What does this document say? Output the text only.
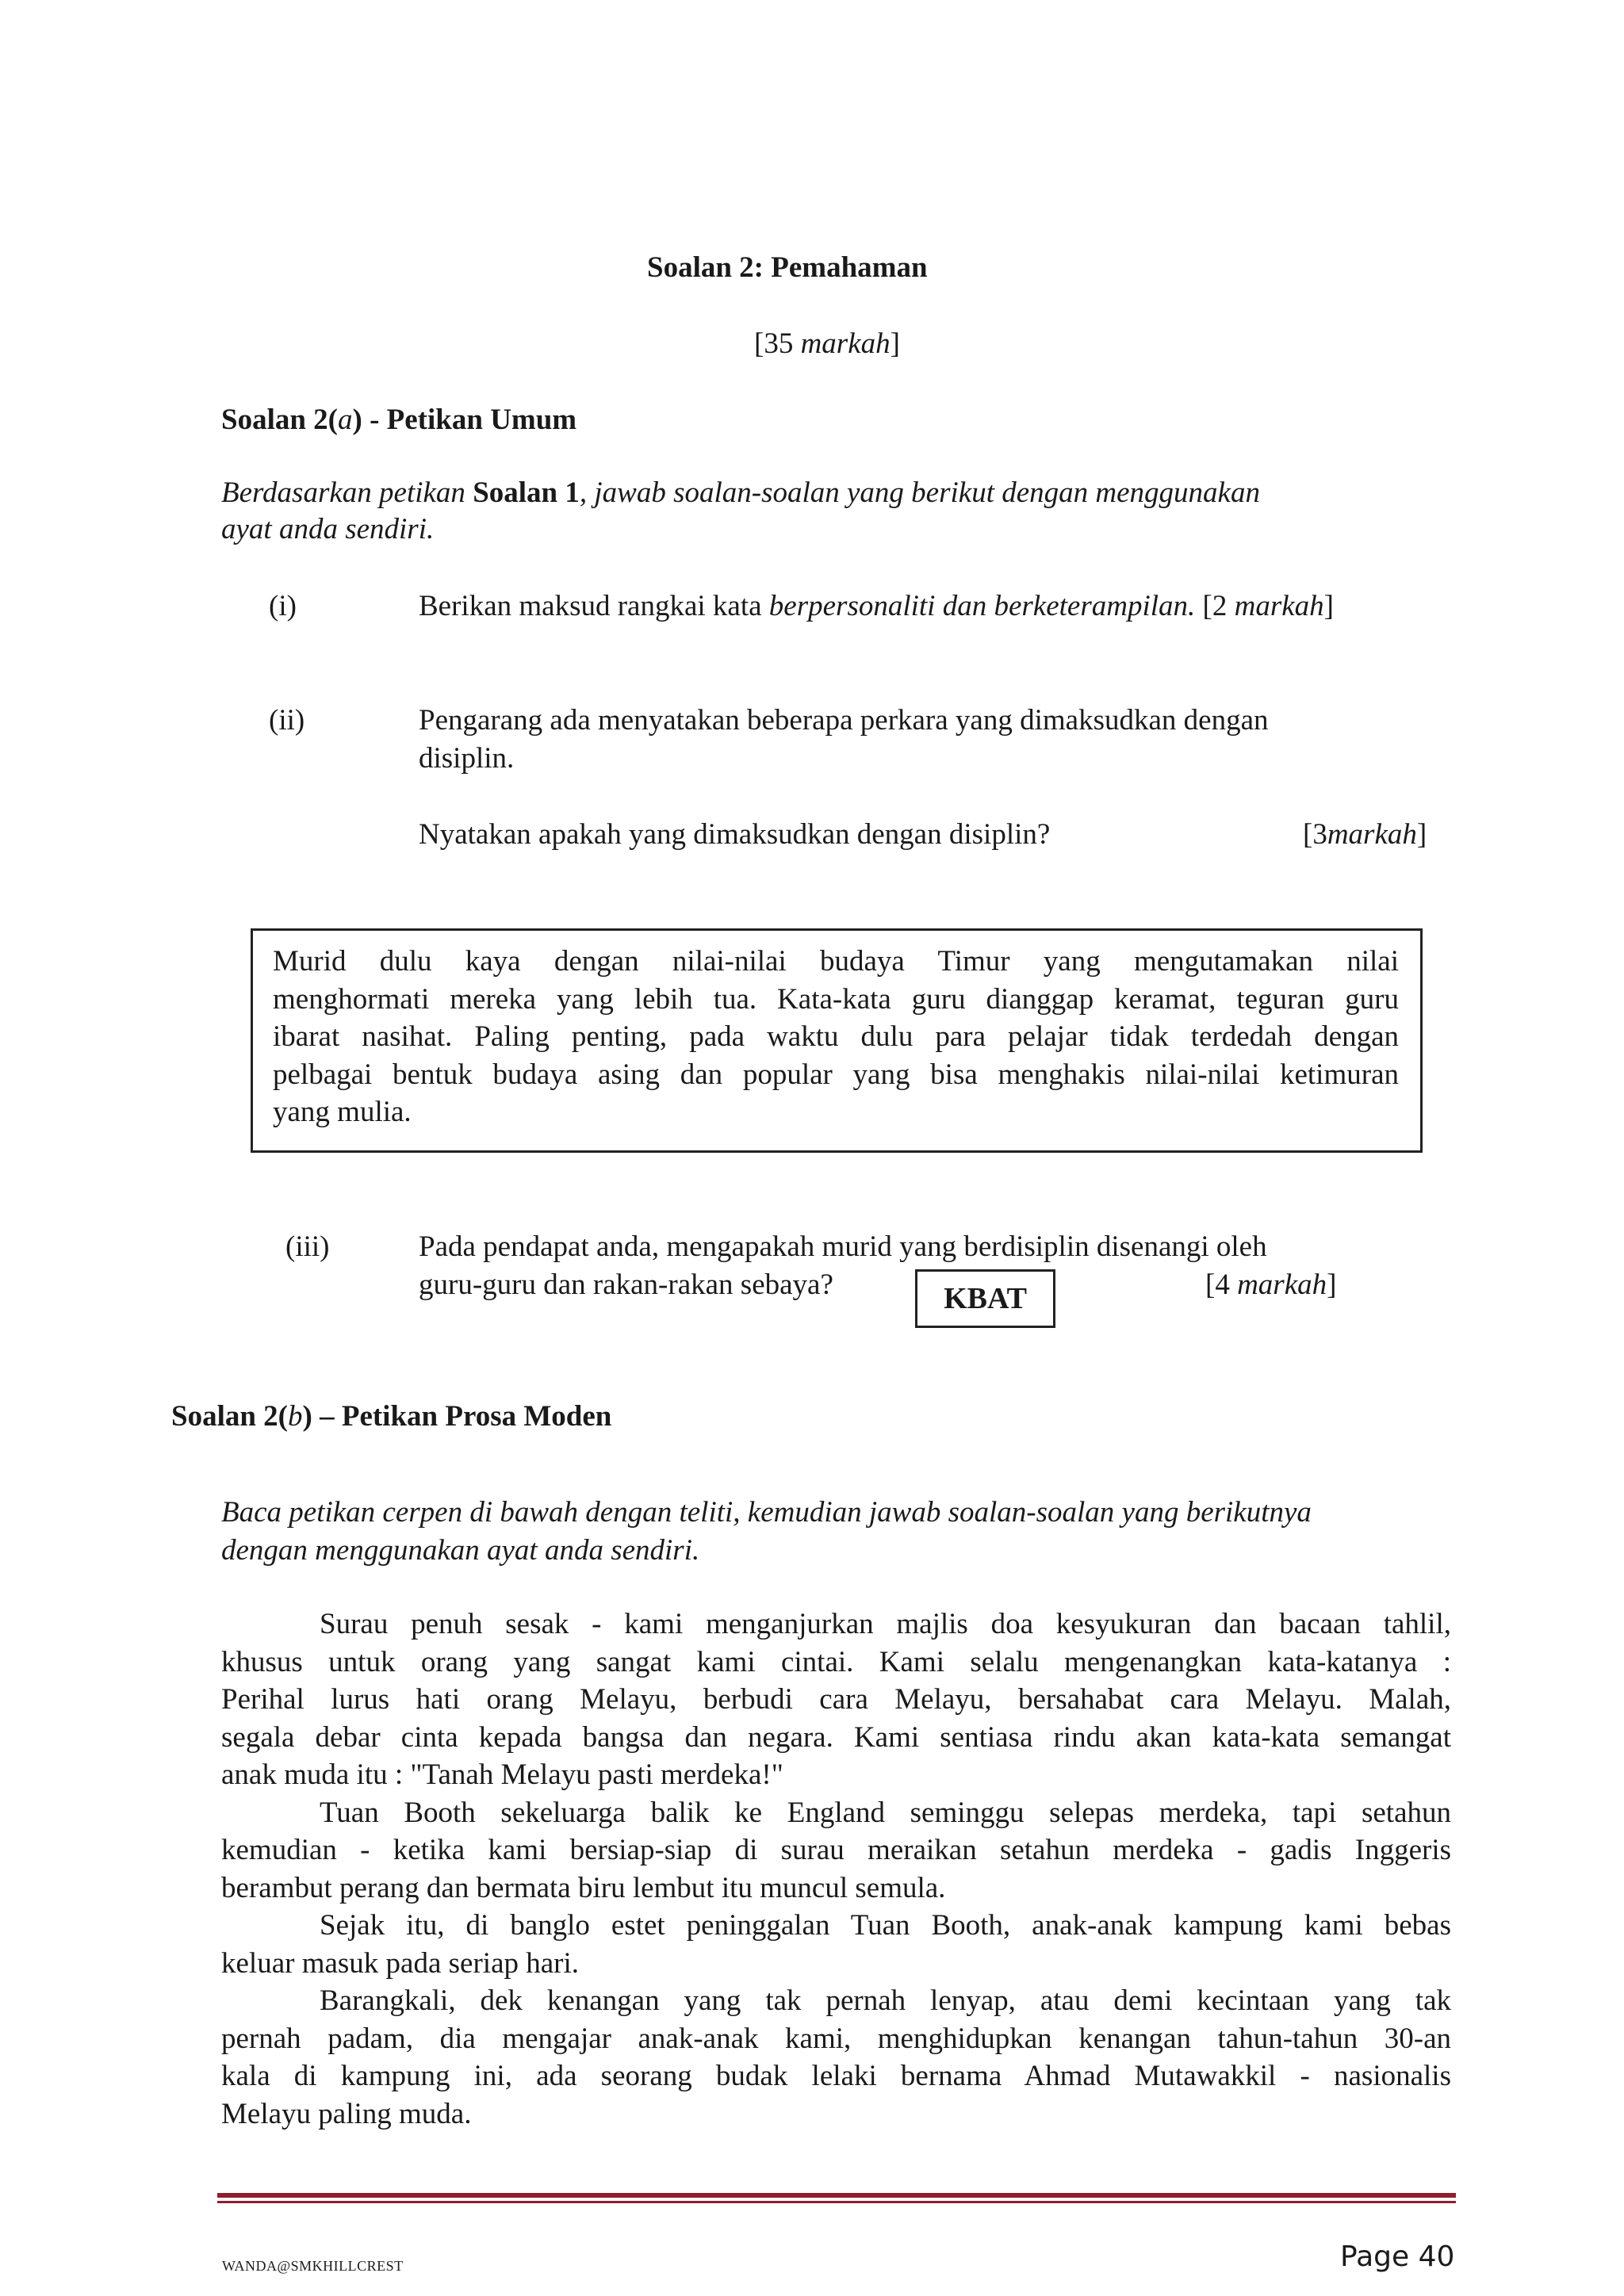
Soalan 2: Pemahaman
[35 markah]
Soalan 2(a) - Petikan Umum
Berdasarkan petikan Soalan 1, jawab soalan-soalan yang berikut dengan menggunakan
ayat anda sendiri.
(i)	Berikan maksud rangkai kata berpersonaliti dan berketerampilan. [2 markah]
(ii)	Pengarang ada menyatakan beberapa perkara yang dimaksudkan dengan
disiplin.
Nyatakan apakah yang dimaksudkan dengan disiplin?	[3markah]
Murid dulu kaya dengan nilai-nilai budaya Timur yang mengutamakan nilai
menghormati mereka yang lebih tua. Kata-kata guru dianggap keramat, teguran guru
ibarat nasihat. Paling penting, pada waktu dulu para pelajar tidak terdedah dengan
pelbagai bentuk budaya asing dan popular yang bisa menghakis nilai-nilai ketimuran
yang mulia.
(iii)	Pada pendapat anda, mengapakah murid yang berdisiplin disenangi oleh
guru-guru dan rakan-rakan sebaya?	KBAT	[4 markah]
Soalan 2(b) – Petikan Prosa Moden
Baca petikan cerpen di bawah dengan teliti, kemudian jawab soalan-soalan yang berikutnya
dengan menggunakan ayat anda sendiri.
Surau penuh sesak - kami menganjurkan majlis doa kesyukuran dan bacaan tahlil,
khusus untuk orang yang sangat kami cintai. Kami selalu mengenangkan kata-katanya :
Perihal lurus hati orang Melayu, berbudi cara Melayu, bersahabat cara Melayu. Malah,
segala debar cinta kepada bangsa dan negara. Kami sentiasa rindu akan kata-kata semangat
anak muda itu : "Tanah Melayu pasti merdeka!"
Tuan Booth sekeluarga balik ke England seminggu selepas merdeka, tapi setahun
kemudian - ketika kami bersiap-siap di surau meraikan setahun merdeka - gadis Inggeris
berambut perang dan bermata biru lembut itu muncul semula.
Sejak itu, di banglo estet peninggalan Tuan Booth, anak-anak kampung kami bebas
keluar masuk pada seriap hari.
Barangkali, dek kenangan yang tak pernah lenyap, atau demi kecintaan yang tak
pernah padam, dia mengajar anak-anak kami, menghidupkan kenangan tahun-tahun 30-an
kala di kampung ini, ada seorang budak lelaki bernama Ahmad Mutawakkil - nasionalis
Melayu paling muda.
WANDA@SMKHILLCREST	Page 40
